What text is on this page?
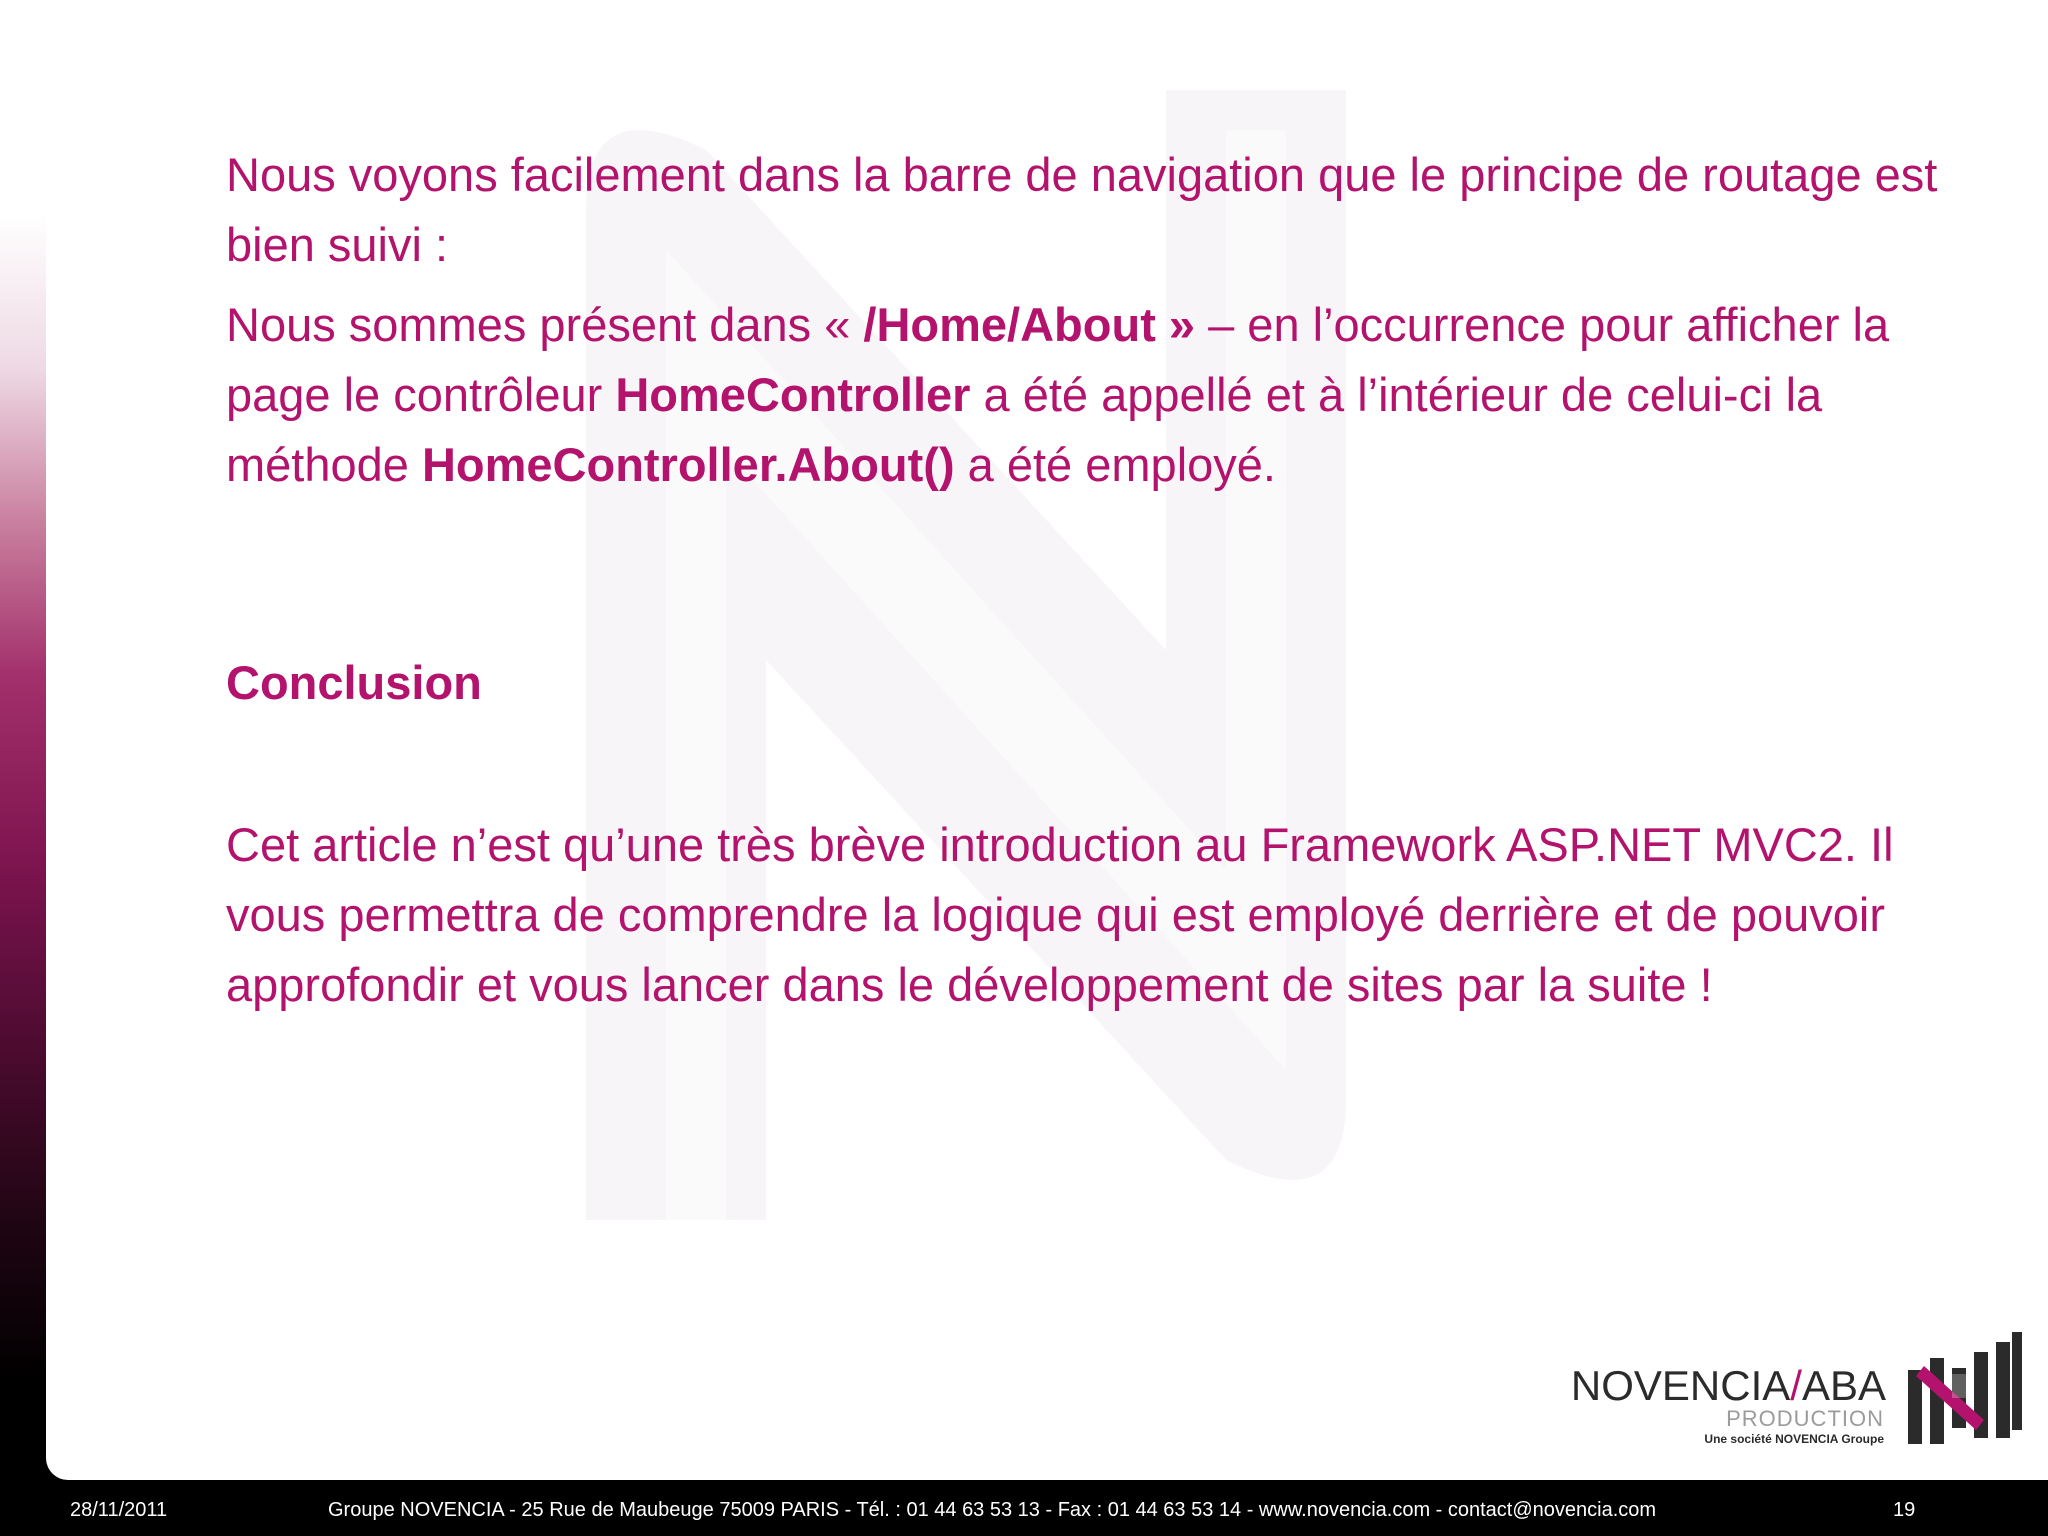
Nous voyons facilement dans la barre de navigation que le principe de routage est bien suivi :

Nous sommes présent dans « /Home/About » – en l’occurrence pour afficher la page le contrôleur HomeController a été appellé et à l’intérieur de celui-ci la méthode HomeController.About() a été employé.

Conclusion

Cet article n’est qu’une très brève introduction au Framework ASP.NET MVC2. Il vous permettra de comprendre la logique qui est employé derrière et de pouvoir approfondir et vous lancer dans le développement de sites par la suite !

NOVENCIA/ABA
PRODUCTION
Une société NOVENCIA Groupe
28/11/2011	Groupe NOVENCIA - 25 Rue de Maubeuge 75009 PARIS - Tél. : 01 44 63 53 13 - Fax : 01 44 63 53 14 - www.novencia.com - contact@novencia.com	19
